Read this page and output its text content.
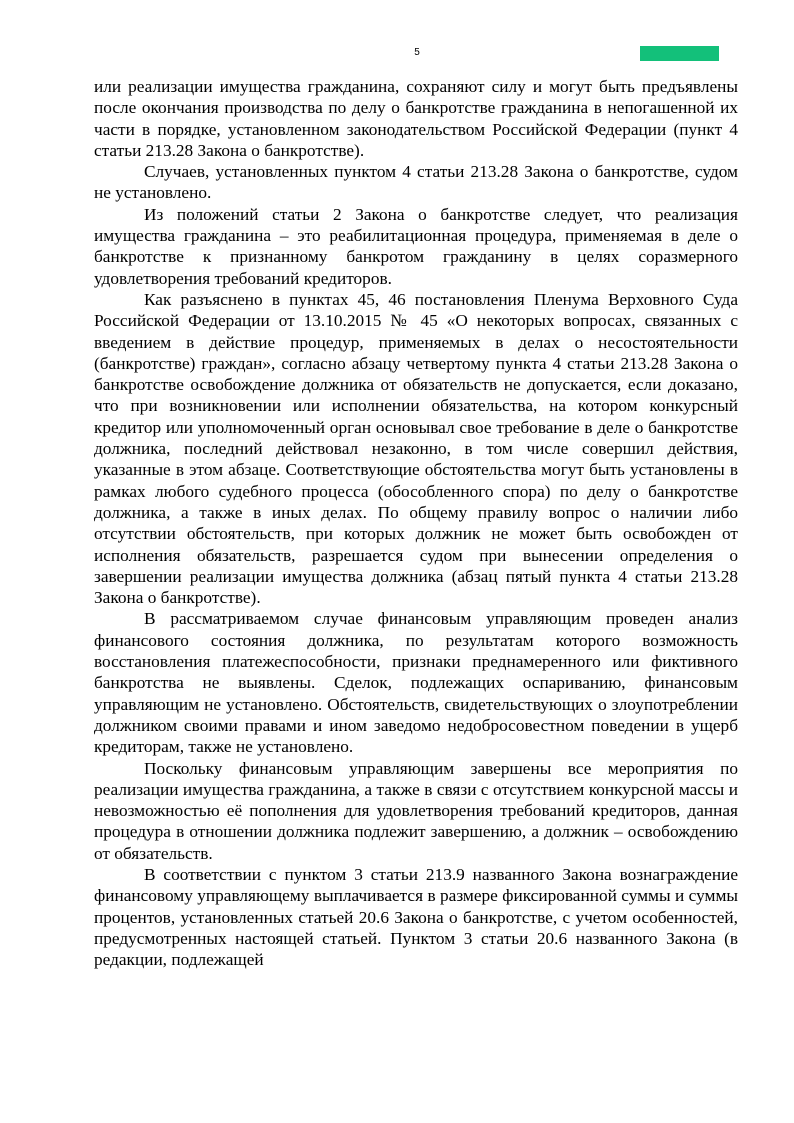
5

или реализации имущества гражданина, сохраняют силу и могут быть предъявлены после окончания производства по делу о банкротстве гражданина в непогашенной их части в порядке, установленном законодательством Российской Федерации (пункт 4 статьи 213.28 Закона о банкротстве).

Случаев, установленных пунктом 4 статьи 213.28 Закона о банкротстве, судом не установлено.

Из положений статьи 2 Закона о банкротстве следует, что реализация имущества гражданина – это реабилитационная процедура, применяемая в деле о банкротстве к признанному банкротом гражданину в целях соразмерного удовлетворения требований кредиторов.

Как разъяснено в пунктах 45, 46 постановления Пленума Верховного Суда Российской Федерации от 13.10.2015 № 45 «О некоторых вопросах, связанных с введением в действие процедур, применяемых в делах о несостоятельности (банкротстве) граждан», согласно абзацу четвертому пункта 4 статьи 213.28 Закона о банкротстве освобождение должника от обязательств не допускается, если доказано, что при возникновении или исполнении обязательства, на котором конкурсный кредитор или уполномоченный орган основывал свое требование в деле о банкротстве должника, последний действовал незаконно, в том числе совершил действия, указанные в этом абзаце. Соответствующие обстоятельства могут быть установлены в рамках любого судебного процесса (обособленного спора) по делу о банкротстве должника, а также в иных делах. По общему правилу вопрос о наличии либо отсутствии обстоятельств, при которых должник не может быть освобожден от исполнения обязательств, разрешается судом при вынесении определения о завершении реализации имущества должника (абзац пятый пункта 4 статьи 213.28 Закона о банкротстве).

В рассматриваемом случае финансовым управляющим проведен анализ финансового состояния должника, по результатам которого возможность восстановления платежеспособности, признаки преднамеренного или фиктивного банкротства не выявлены. Сделок, подлежащих оспариванию, финансовым управляющим не установлено. Обстоятельств, свидетельствующих о злоупотреблении должником своими правами и ином заведомо недобросовестном поведении в ущерб кредиторам, также не установлено.

Поскольку финансовым управляющим завершены все мероприятия по реализации имущества гражданина, а также в связи с отсутствием конкурсной массы и невозможностью её пополнения для удовлетворения требований кредиторов, данная процедура в отношении должника подлежит завершению, а должник – освобождению от обязательств.

В соответствии с пунктом 3 статьи 213.9 названного Закона вознаграждение финансовому управляющему выплачивается в размере фиксированной суммы и суммы процентов, установленных статьей 20.6 Закона о банкротстве, с учетом особенностей, предусмотренных настоящей статьей. Пунктом 3 статьи 20.6 названного Закона (в редакции, подлежащей
